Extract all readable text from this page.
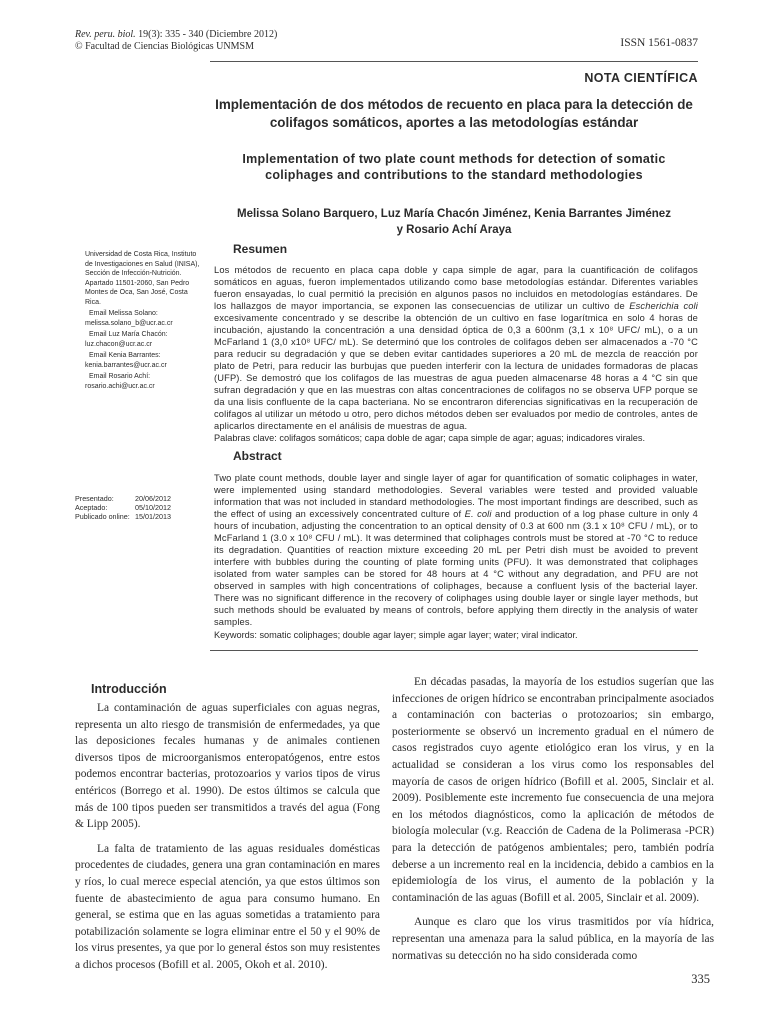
Rev. peru. biol. 19(3): 335 - 340 (Diciembre 2012)
© Facultad de Ciencias Biológicas UNMSM	ISSN 1561-0837
NOTA CIENTÍFICA
Implementación de dos métodos de recuento en placa para la detección de colifagos somáticos, aportes a las metodologías estándar
Implementation of two plate count methods for detection of somatic coliphages and contributions to the standard methodologies
Melissa Solano Barquero, Luz María Chacón Jiménez, Kenia Barrantes Jiménez
y Rosario Achí Araya

Universidad de Costa Rica, Instituto de Investigaciones en Salud (INISA), Sección de Infección-Nutrición. Apartado 11501-2060, San Pedro Montes de Oca, San José, Costa Rica.

Email Melissa Solano:

melissa.solano_b@ucr.ac.cr

Email Luz María Chacón:

luz.chacon@ucr.ac.cr

Email Kenia Barrantes:

kenia.barrantes@ucr.ac.cr

Email Rosario Achí:

rosario.achi@ucr.ac.cr

Presentado:	20/06/2012
Aceptado:	05/10/2012
Publicado online:	15/01/2013
Resumen

Los métodos de recuento en placa capa doble y capa simple de agar, para la cuantificación de colifagos somáticos en aguas, fueron implementados utilizando como base metodologías estándar. Diferentes variables fueron ensayadas, lo cual permitió la precisión en algunos pasos no incluidos en metodologías estándares. De los hallazgos de mayor importancia, se exponen las consecuencias de utilizar un cultivo de Escherichia coli excesivamente concentrado y se describe la obtención de un cultivo en fase logarítmica en solo 4 horas de incubación, ajustando la concentración a una densidad óptica de 0,3 a 600nm (3,1 x 10⁸ UFC/ mL), o a un McFarland 1 (3,0 x10⁸ UFC/ mL). Se determinó que los controles de colifagos deben ser almacenados a -70 °C para reducir su degradación y que se deben evitar cantidades superiores a 20 mL de mezcla de reacción por plato de Petri, para reducir las burbujas que pueden interferir con la lectura de unidades formadoras de placas (UFP). Se demostró que los colifagos de las muestras de agua pueden almacenarse 48 horas a 4 °C sin que sufran degradación y que en las muestras con altas concentraciones de colifagos no se observa UFP porque se da una lisis confluente de la capa bacteriana. No se encontraron diferencias significativas en la recuperación de colifagos al utilizar un método u otro, pero dichos métodos deben ser evaluados por medio de controles, antes de aplicarlos directamente en el análisis de muestras de agua.

Palabras clave: colifagos somáticos; capa doble de agar; capa simple de agar; aguas; indicadores virales.

Abstract

Two plate count methods, double layer and single layer of agar for quantification of somatic coliphages in water, were implemented using standard methodologies. Several variables were tested and provided valuable information that was not included in standard methodologies. The most important findings are described, such as the effect of using an excessively concentrated culture of E. coli and production of a log phase culture in only 4 hours of incubation, adjusting the concentration to an optical density of 0.3 at 600 nm (3.1 x 10⁸ CFU / mL), or to McFarland 1 (3.0 x 10⁸ CFU / mL). It was determined that coliphages controls must be stored at -70 °C to reduce its degradation. Quantities of reaction mixture exceeding 20 mL per Petri dish must be avoided to prevent interfere with bubbles during the counting of plate forming units (PFU). It was demonstrated that coliphages isolated from water samples can be stored for 48 hours at 4 °C without any degradation, and PFU are not observed in samples with high concentrations of coliphages, because a confluent lysis of the bacterial layer. There was no significant difference in the recovery of coliphages using double layer or single layer methods, but such methods should be evaluated by means of controls, before applying them directly in the analysis of water samples.

Keywords: somatic coliphages; double agar layer; simple agar layer; water; viral indicator.

Introducción

La contaminación de aguas superficiales con aguas negras, representa un alto riesgo de transmisión de enfermedades, ya que las deposiciones fecales humanas y de animales contienen diversos tipos de microorganismos enteropatógenos, entre estos podemos encontrar bacterias, protozoarios y varios tipos de virus entéricos (Borrego et al. 1990). De estos últimos se calcula que más de 100 tipos pueden ser transmitidos a través del agua (Fong & Lipp 2005).

La falta de tratamiento de las aguas residuales domésticas procedentes de ciudades, genera una gran contaminación en mares y ríos, lo cual merece especial atención, ya que estos últimos son fuente de abastecimiento de agua para consumo humano. En general, se estima que en las aguas sometidas a tratamiento para potabilización solamente se logra eliminar entre el 50 y el 90% de los virus presentes, ya que por lo general éstos son muy resistentes a dichos procesos (Bofill et al. 2005, Okoh et al. 2010).

En décadas pasadas, la mayoría de los estudios sugerían que las infecciones de origen hídrico se encontraban principalmente asociados a contaminación con bacterias o protozoarios; sin embargo, posteriormente se observó un incremento gradual en el número de casos registrados cuyo agente etiológico eran los virus, y en la actualidad se consideran a los virus como los responsables del mayoría de casos de origen hídrico (Bofill et al. 2005, Sinclair et al. 2009). Posiblemente este incremento fue consecuencia de una mejora en los métodos diagnósticos, como la aplicación de métodos de biología molecular (v.g. Reacción de Cadena de la Polimerasa -PCR) para la detección de patógenos ambientales; pero, también podría deberse a un incremento real en la incidencia, debido a cambios en la epidemiología de los virus, el aumento de la población y la contaminación de las aguas (Bofill et al. 2005, Sinclair et al. 2009).

Aunque es claro que los virus trasmitidos por vía hídrica, representan una amenaza para la salud pública, en la mayoría de las normativas su detección no ha sido considerada como

335
